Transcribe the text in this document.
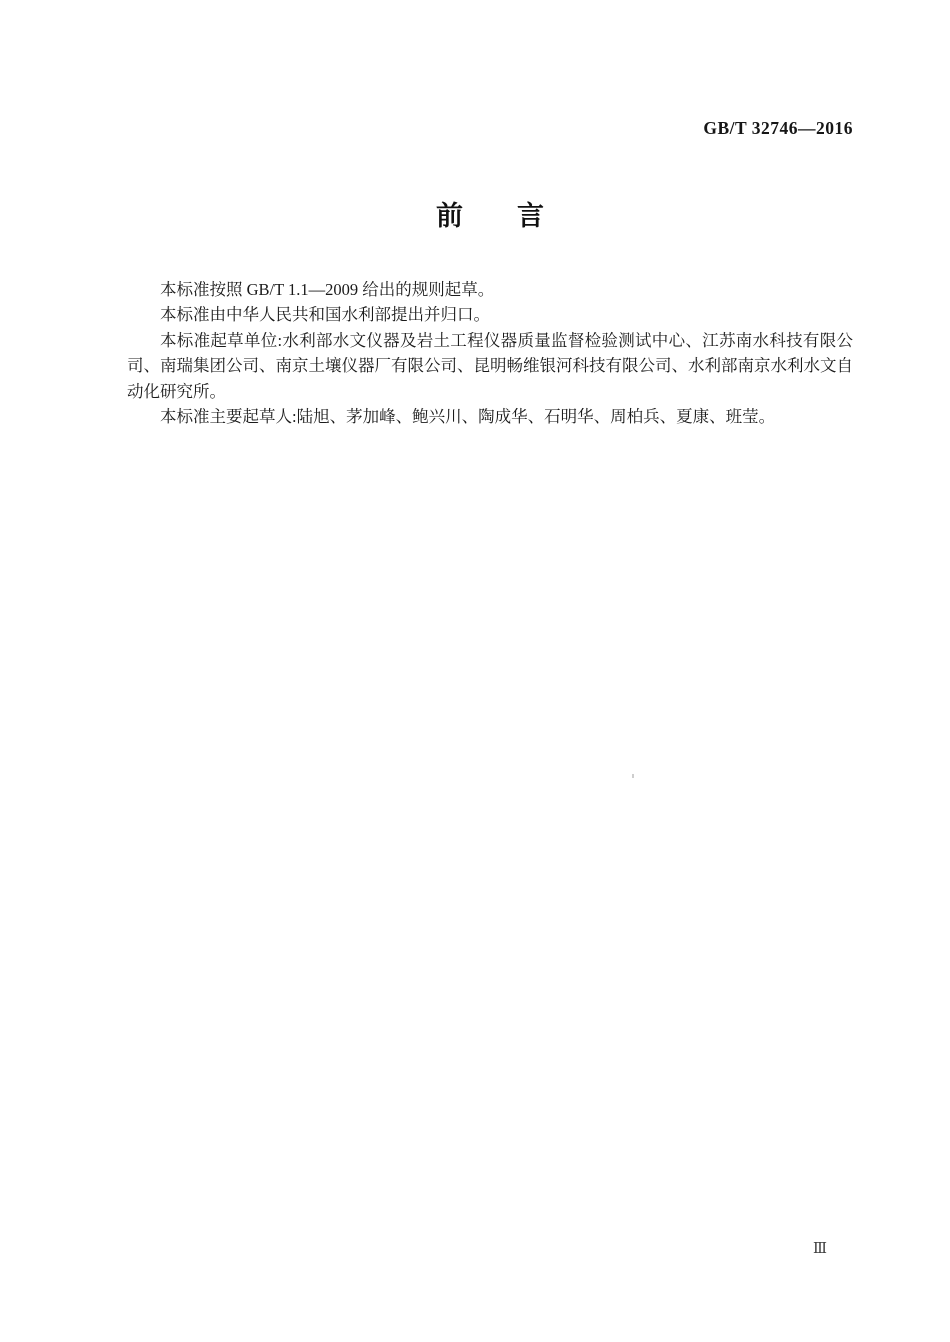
GB/T 32746—2016
前　　言

本标准按照 GB/T 1.1—2009 给出的规则起草。

本标准由中华人民共和国水利部提出并归口。

本标准起草单位:水利部水文仪器及岩土工程仪器质量监督检验测试中心、江苏南水科技有限公司、南瑞集团公司、南京土壤仪器厂有限公司、昆明畅维银河科技有限公司、水利部南京水利水文自动化研究所。

本标准主要起草人:陆旭、茅加峰、鲍兴川、陶成华、石明华、周柏兵、夏康、班莹。

Ⅲ
